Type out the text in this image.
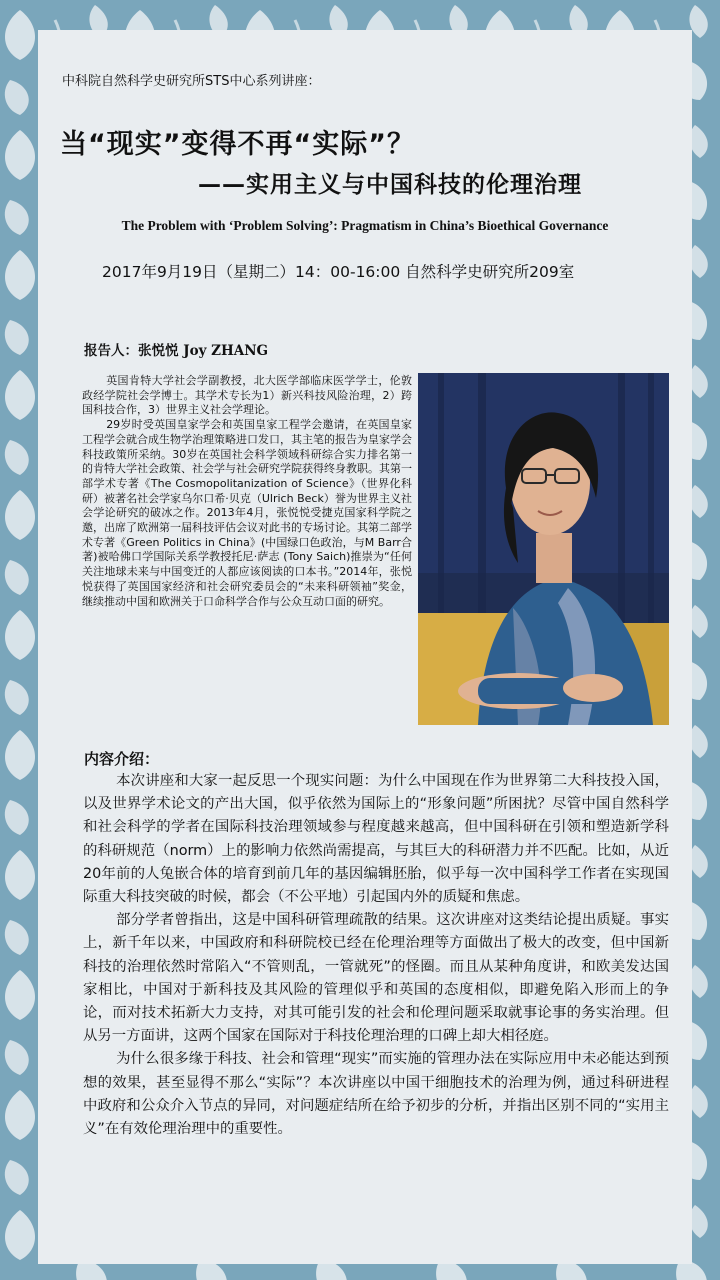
中科院自然科学史研究所STS中心系列讲座：
当“现实”变得不再“实际”？
——实用主义与中国科技的伦理治理
The Problem with ‘Problem Solving’: Pragmatism in China’s Bioethical Governance
2017年9月19日（星期二）14：00-16:00 自然科学史研究所209室
报告人：张悦悦 Joy ZHANG

英国肯特大学社会学副教授，北大医学部临床医学学士，伦敦政经学院社会学博士。其学术专长为1）新兴科技风险治理，2）跨国科技合作，3）世界主义社会学理论。

29岁时受英国皇家学会和英国皇家工程学会邀请，在英国皇家工程学会就合成生物学治理策略进口发口，其主笔的报告为皇家学会科技政策所采纳。30岁在英国社会科学领域科研综合实力排名第一的肯特大学社会政策、社会学与社会研究学院获得终身教职。其第一部学术专著《The Cosmopolitanization of Science》（世界化科研）被著名社会学家乌尔口希·贝克（Ulrich Beck）誉为世界主义社会学论研究的破冰之作。2013年4月，张悦悦受捷克国家科学院之邀，出席了欧洲第一届科技评估会议对此书的专场讨论。其第二部学术专著《Green Politics in China》(中国绿口色政治，与M Barr合著)被哈佛口学国际关系学教授托尼·萨志 (Tony Saich)推崇为“任何关注地球未来与中国变迁的人都应该阅读的口本书。”2014年，张悦悦获得了英国国家经济和社会研究委员会的“未来科研领袖”奖金，继续推动中国和欧洲关于口命科学合作与公众互动口面的研究。

内容介绍：

本次讲座和大家一起反思一个现实问题：为什么中国现在作为世界第二大科技投入国， 以及世界学术论文的产出大国，似乎依然为国际上的“形象问题”所困扰？尽管中国自然科学和社会科学的学者在国际科技治理领域参与程度越来越高，但中国科研在引领和塑造新学科的科研规范（norm）上的影响力依然尚需提高，与其巨大的科研潜力并不匹配。比如，从近20年前的人兔嵌合体的培育到前几年的基因编辑胚胎，似乎每一次中国科学工作者在实现国际重大科技突破的时候，都会（不公平地）引起国内外的质疑和焦虑。

部分学者曾指出，这是中国科研管理疏散的结果。这次讲座对这类结论提出质疑。事实上，新千年以来，中国政府和科研院校已经在伦理治理等方面做出了极大的改变，但中国新科技的治理依然时常陷入“不管则乱，一管就死”的怪圈。而且从某种角度讲，和欧美发达国家相比，中国对于新科技及其风险的管理似乎和英国的态度相似，即避免陷入形而上的争论，而对技术拓新大力支持，对其可能引发的社会和伦理问题采取就事论事的务实治理。但从另一方面讲，这两个国家在国际对于科技伦理治理的口碑上却大相径庭。

为什么很多缘于科技、社会和管理“现实”而实施的管理办法在实际应用中未必能达到预想的效果，甚至显得不那么“实际”？本次讲座以中国干细胞技术的治理为例，通过科研进程中政府和公众介入节点的异同，对问题症结所在给予初步的分析，并指出区别不同的“实用主义”在有效伦理治理中的重要性。
